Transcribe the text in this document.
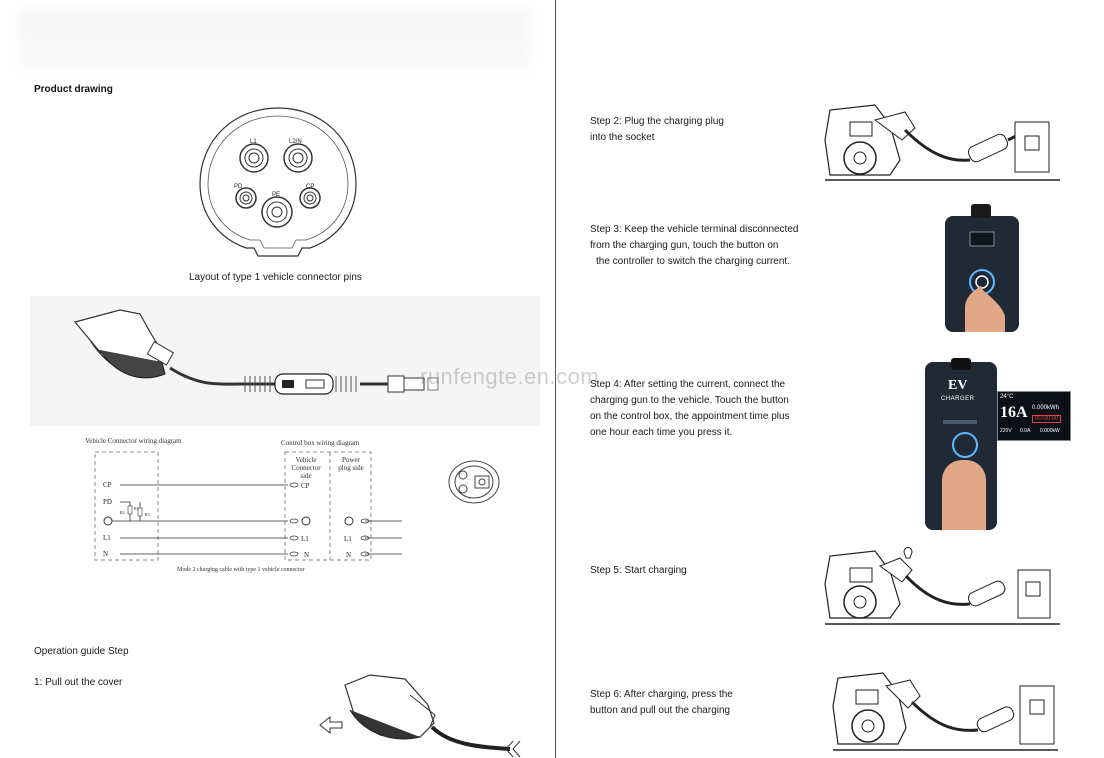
Product drawing
L1	L2/N
PD
PE
CP
Layout of type 1 vehicle connector pins
runfengte.en.com
Vehicle Connector wiring diagram	Control box wiring diagram
CP
PD
L1
N
R1
R2	R3
CP
L1
N
L1
N
Vehicle Connector side
Power plug side
Mode 2 charging cable with type 1 vehicle connector
Operation guide Step
1: Pull out the cover
Step 2: Plug the charging plug
into the socket
Step 3: Keep the vehicle terminal disconnected
from the charging gun, touch the button on
the controller to switch the charging current.
Step 4: After setting the current, connect the
charging gun to the vehicle. Touch the button
on the control box, the appointment time plus
one hour each time you press it.
EV
CHARGER	24°C
16A 0.000kWh
00:00:00
220V 0.0A 0.000kW
Step 5: Start charging
Step 6: After charging, press the
button and pull out the charging
